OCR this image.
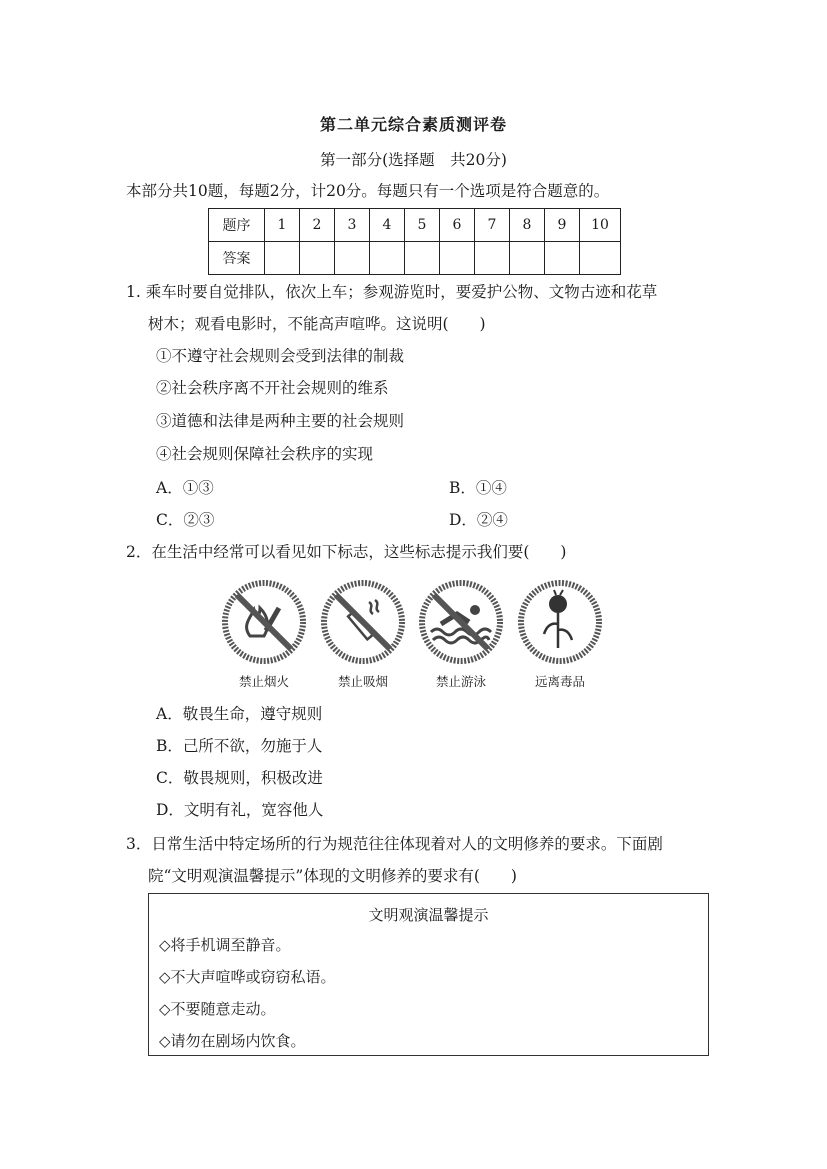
第二单元综合素质测评卷
第一部分(选择题　共20分)
本部分共10题，每题2分，计20分。每题只有一个选项是符合题意的。
题序	1	2	3	4	5	6	7	8	9	10
答案										
1. 乘车时要自觉排队，依次上车；参观游览时，要爱护公物、文物古迹和花草
树木；观看电影时，不能高声喧哗。这说明(　　)
①不遵守社会规则会受到法律的制裁
②社会秩序离不开社会规则的维系
③道德和法律是两种主要的社会规则
④社会规则保障社会秩序的实现
A．①③	B．①④
C．②③	D．②④
2．在生活中经常可以看见如下标志，这些标志提示我们要(　　)
禁止烟火	禁止吸烟	禁止游泳	远离毒品
A．敬畏生命，遵守规则
B．己所不欲，勿施于人
C．敬畏规则，积极改进
D．文明有礼，宽容他人
3．日常生活中特定场所的行为规范往往体现着对人的文明修养的要求。下面剧
院“文明观演温馨提示”体现的文明修养的要求有(　　)
文明观演温馨提示
◇将手机调至静音。
◇不大声喧哗或窃窃私语。
◇不要随意走动。
◇请勿在剧场内饮食。
